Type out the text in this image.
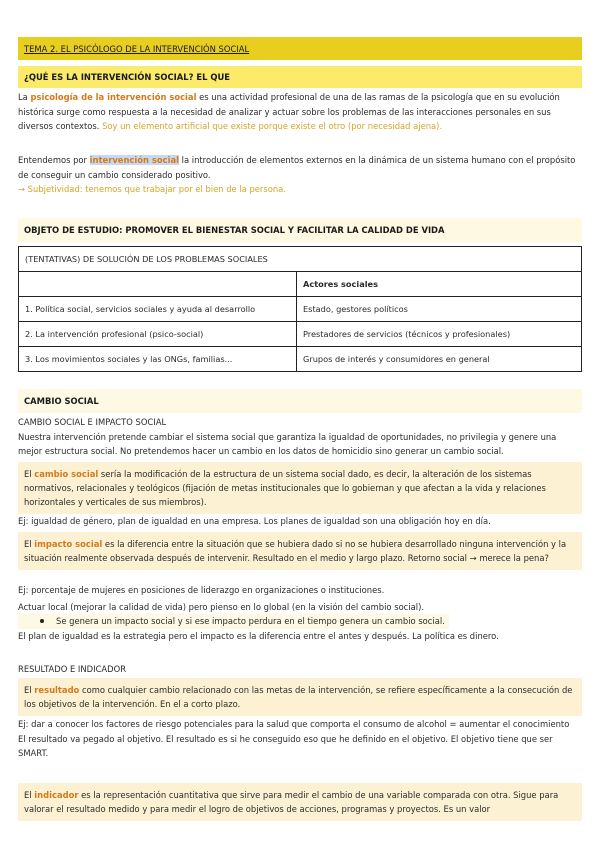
TEMA 2. EL PSICÓLOGO DE LA INTERVENCIÓN SOCIAL
¿QUÉ ES LA INTERVENCIÓN SOCIAL? EL QUE
La psicología de la intervención social es una actividad profesional de una de las ramas de la psicología que en su evolución histórica surge como respuesta a la necesidad de analizar y actuar sobre los problemas de las interacciones personales en sus diversos contextos. Soy un elemento artificial que existe porque existe el otro (por necesidad ajena).
Entendemos por intervención social la introducción de elementos externos en la dinámica de un sistema humano con el propósito de conseguir un cambio considerado positivo.
→ Subjetividad: tenemos que trabajar por el bien de la persona.
OBJETO DE ESTUDIO: PROMOVER EL BIENESTAR SOCIAL Y FACILITAR LA CALIDAD DE VIDA
(TENTATIVAS) DE SOLUCIÓN DE LOS PROBLEMAS SOCIALES	
	Actores sociales
1. Política social, servicios sociales y ayuda al desarrollo	Estado, gestores políticos
2. La intervención profesional (psico-social)	Prestadores de servicios (técnicos y profesionales)
3. Los movimientos sociales y las ONGs, familias...	Grupos de interés y consumidores en general
CAMBIO SOCIAL
CAMBIO SOCIAL E IMPACTO SOCIAL
Nuestra intervención pretende cambiar el sistema social que garantiza la igualdad de oportunidades, no privilegia y genere una mejor estructura social. No pretendemos hacer un cambio en los datos de homicidio sino generar un cambio social.
El cambio social sería la modificación de la estructura de un sistema social dado, es decir, la alteración de los sistemas normativos, relacionales y teológicos (fijación de metas institucionales que lo gobiernan y que afectan a la vida y relaciones horizontales y verticales de sus miembros).
Ej: igualdad de género, plan de igualdad en una empresa. Los planes de igualdad son una obligación hoy en día.
El impacto social es la diferencia entre la situación que se hubiera dado si no se hubiera desarrollado ninguna intervención y la situación realmente observada después de intervenir. Resultado en el medio y largo plazo. Retorno social → merece la pena?
Ej: porcentaje de mujeres en posiciones de liderazgo en organizaciones o instituciones.
Actuar local (mejorar la calidad de vida) pero pienso en lo global (en la visión del cambio social).
Se genera un impacto social y si ese impacto perdura en el tiempo genera un cambio social.
El plan de igualdad es la estrategia pero el impacto es la diferencia entre el antes y después. La política es dinero.
RESULTADO E INDICADOR
El resultado como cualquier cambio relacionado con las metas de la intervención, se refiere específicamente a la consecución de los objetivos de la intervención. En el a corto plazo.
Ej: dar a conocer los factores de riesgo potenciales para la salud que comporta el consumo de alcohol = aumentar el conocimiento
El resultado va pegado al objetivo. El resultado es si he conseguido eso que he definido en el objetivo. El objetivo tiene que ser SMART.
El indicador es la representación cuantitativa que sirve para medir el cambio de una variable comparada con otra. Sigue para valorar el resultado medido y para medir el logro de objetivos de acciones, programas y proyectos. Es un valor
